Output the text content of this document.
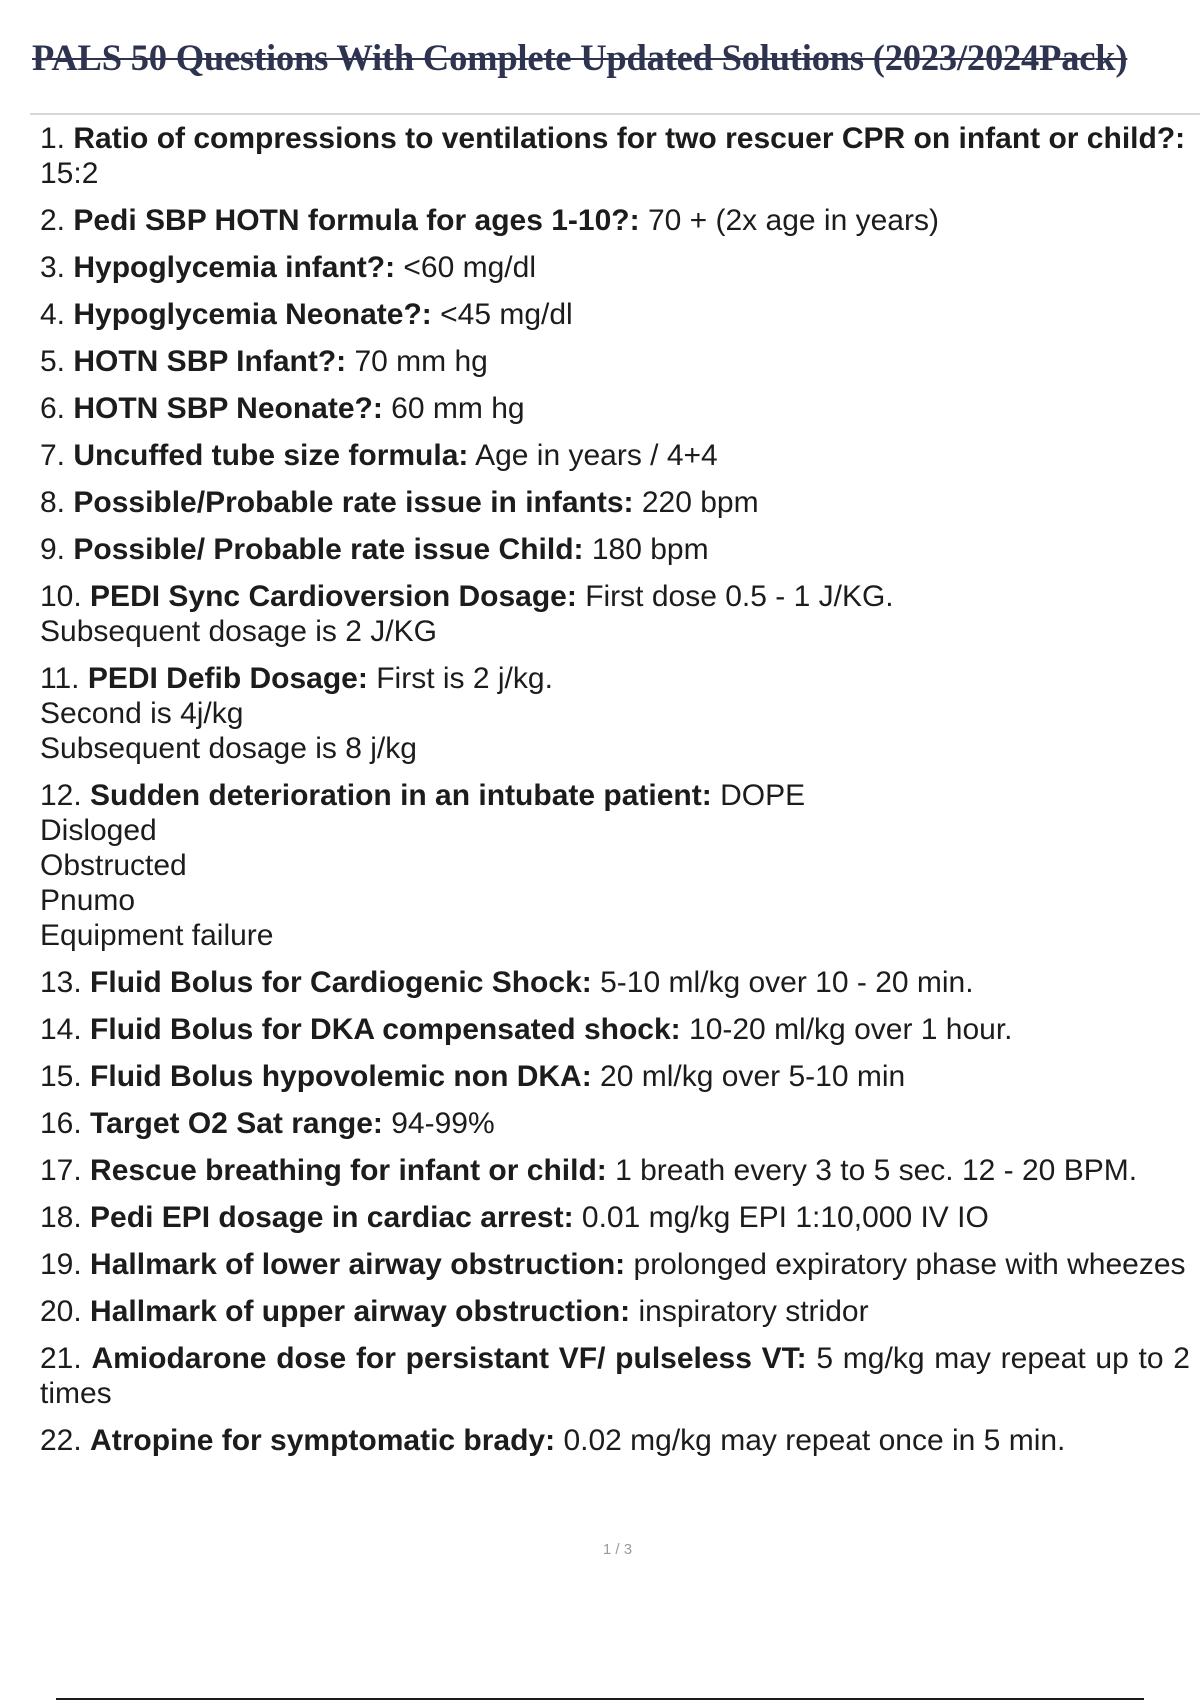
PALS 50 Questions With Complete Updated Solutions (2023/2024Pack)
1. Ratio of compressions to ventilations for two rescuer CPR on infant or child?: 15:2
2. Pedi SBP HOTN formula for ages 1-10?: 70 + (2x age in years)
3. Hypoglycemia infant?: <60 mg/dl
4. Hypoglycemia Neonate?: <45 mg/dl
5. HOTN SBP Infant?: 70 mm hg
6. HOTN SBP Neonate?: 60 mm hg
7. Uncuffed tube size formula: Age in years / 4+4
8. Possible/Probable rate issue in infants: 220 bpm
9. Possible/ Probable rate issue Child: 180 bpm
10. PEDI Sync Cardioversion Dosage: First dose 0.5 - 1 J/KG.
Subsequent dosage is 2 J/KG
11. PEDI Defib Dosage: First is 2 j/kg.
Second is 4j/kg
Subsequent dosage is 8 j/kg
12. Sudden deterioration in an intubate patient: DOPE
Disloged
Obstructed
Pnumo
Equipment failure
13. Fluid Bolus for Cardiogenic Shock: 5-10 ml/kg over 10 - 20 min.
14. Fluid Bolus for DKA compensated shock: 10-20 ml/kg over 1 hour.
15. Fluid Bolus hypovolemic non DKA: 20 ml/kg over 5-10 min
16. Target O2 Sat range: 94-99%
17. Rescue breathing for infant or child: 1 breath every 3 to 5 sec. 12 - 20 BPM.
18. Pedi EPI dosage in cardiac arrest: 0.01 mg/kg EPI 1:10,000 IV IO
19. Hallmark of lower airway obstruction: prolonged expiratory phase with wheezes
20. Hallmark of upper airway obstruction: inspiratory stridor
21. Amiodarone dose for persistant VF/ pulseless VT: 5 mg/kg may repeat up to 2 times
22. Atropine for symptomatic brady: 0.02 mg/kg may repeat once in 5 min.
1 / 3
